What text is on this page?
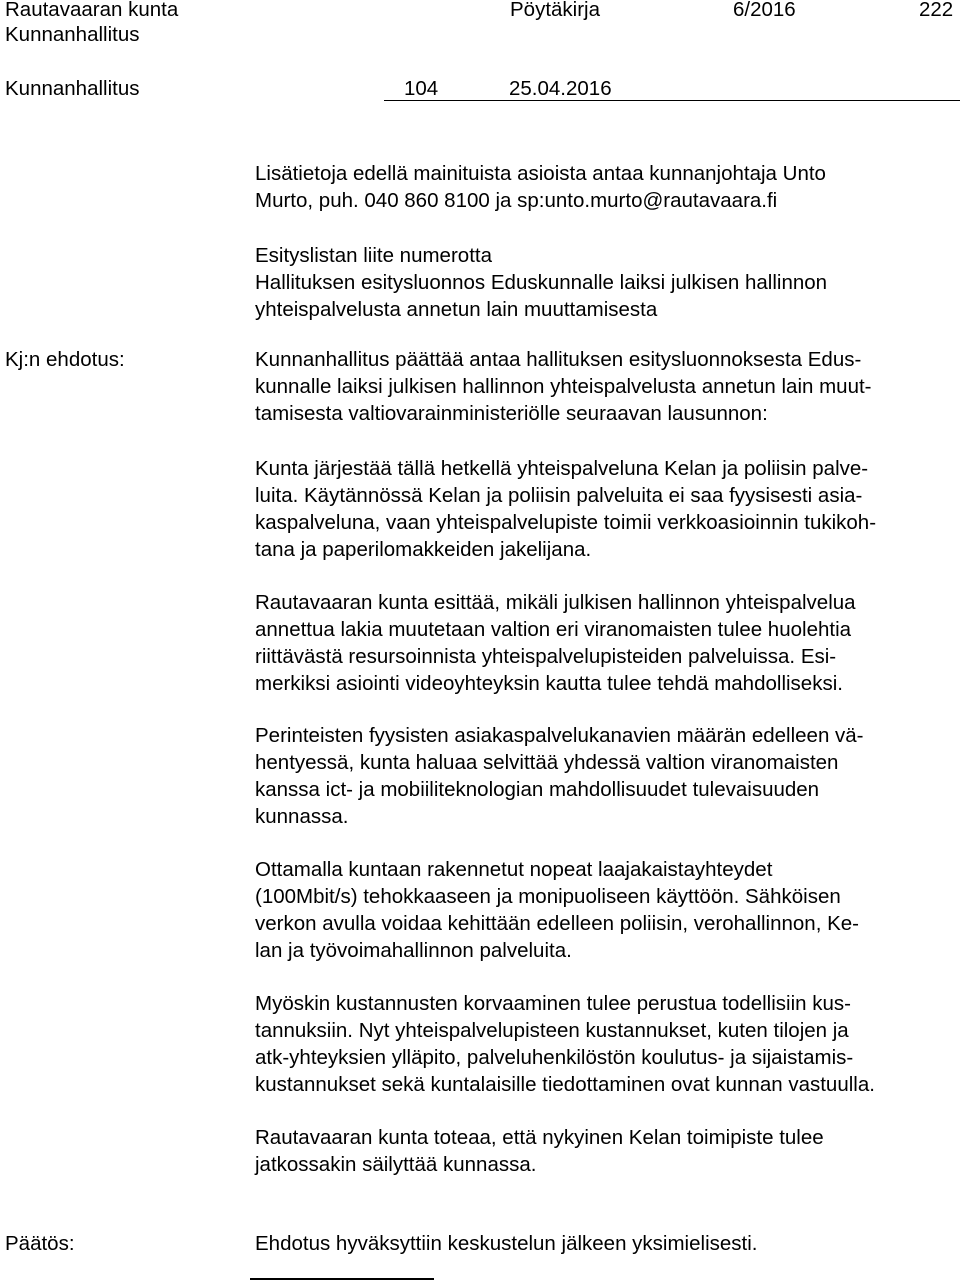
Rautavaaran kunta
Kunnanhallitus
Pöytäkirja	6/2016	222
Kunnanhallitus	104	25.04.2016
Lisätietoja edellä mainituista asioista antaa kunnanjohtaja Unto
Murto, puh. 040 860 8100 ja sp:unto.murto@rautavaara.fi
Esityslistan liite numerotta
Hallituksen esitysluonnos Eduskunnalle laiksi julkisen hallinnon
yhteispalvelusta annetun lain muuttamisesta
Kj:n ehdotus:	Kunnanhallitus päättää antaa hallituksen esitysluonnoksesta Edus-
kunnalle laiksi julkisen hallinnon yhteispalvelusta annetun lain muut-
tamisesta valtiovarainministeriölle seuraavan lausunnon:
Kunta järjestää tällä hetkellä yhteispalveluna Kelan ja poliisin palve-
luita. Käytännössä Kelan ja poliisin palveluita ei saa fyysisesti asia-
kaspalveluna, vaan yhteispalvelupiste toimii verkkoasioinnin tukikoh-
tana ja paperilomakkeiden jakelijana.
Rautavaaran kunta esittää, mikäli julkisen hallinnon yhteispalvelua
annettua lakia muutetaan valtion eri viranomaisten tulee huolehtia
riittävästä resursoinnista yhteispalvelupisteiden palveluissa. Esi-
merkiksi asiointi videoyhteyksin kautta tulee tehdä mahdolliseksi.
Perinteisten fyysisten asiakaspalvelukanavien määrän edelleen vä-
hentyessä, kunta haluaa selvittää yhdessä valtion viranomaisten
kanssa ict- ja mobiiliteknologian mahdollisuudet tulevaisuuden
kunnassa.
Ottamalla kuntaan rakennetut nopeat laajakaistayhteydet
(100Mbit/s) tehokkaaseen ja monipuoliseen käyttöön. Sähköisen
verkon avulla voidaa kehittään edelleen poliisin, verohallinnon, Ke-
lan ja työvoimahallinnon palveluita.
Myöskin kustannusten korvaaminen tulee perustua todellisiin kus-
tannuksiin. Nyt yhteispalvelupisteen kustannukset, kuten tilojen ja
atk-yhteyksien ylläpito, palveluhenkilöstön koulutus- ja sijaistamis-
kustannukset sekä kuntalaisille tiedottaminen ovat kunnan vastuulla.
Rautavaaran kunta toteaa, että nykyinen Kelan toimipiste tulee
jatkossakin säilyttää kunnassa.
Päätös:	Ehdotus hyväksyttiin keskustelun jälkeen yksimielisesti.
